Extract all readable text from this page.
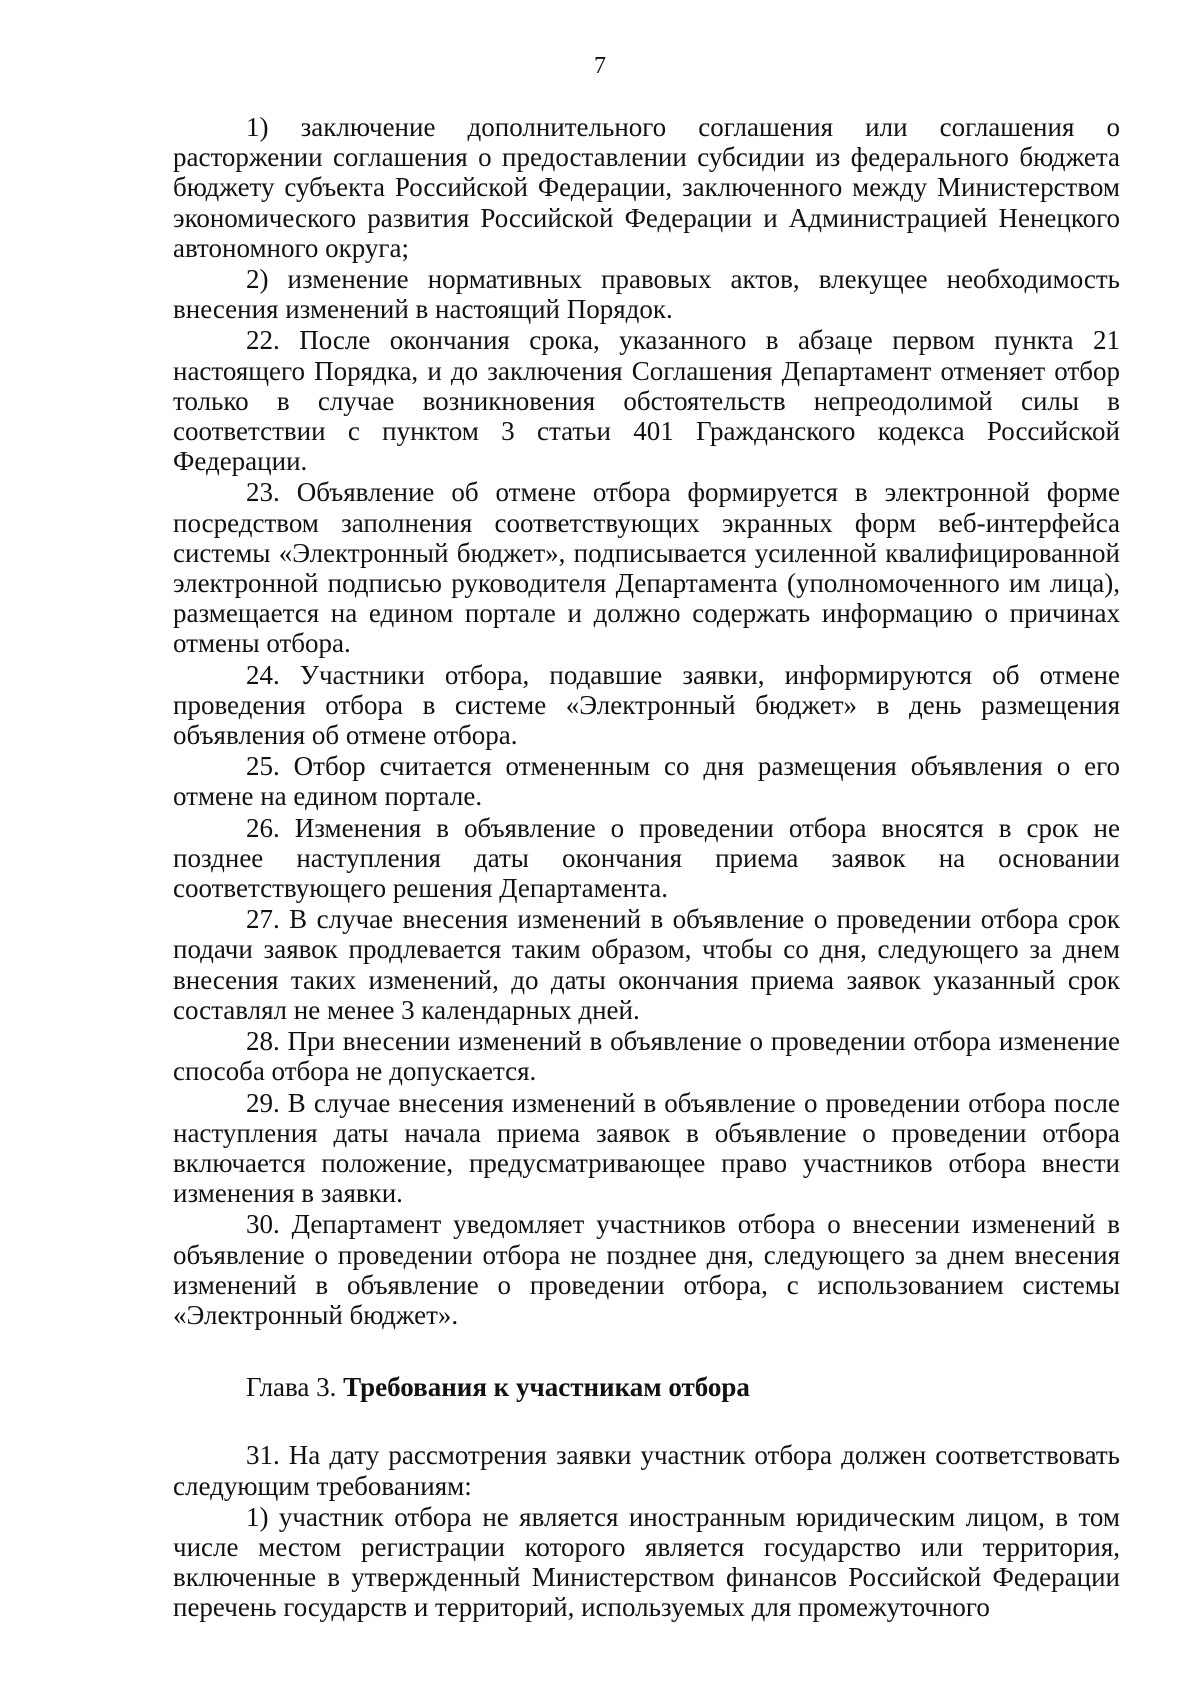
7

1) заключение дополнительного соглашения или соглашения о расторжении соглашения о предоставлении субсидии из федерального бюджета бюджету субъекта Российской Федерации, заключенного между Министерством экономического развития Российской Федерации и Администрацией Ненецкого автономного округа;

2) изменение нормативных правовых актов, влекущее необходимость внесения изменений в настоящий Порядок.

22. После окончания срока, указанного в абзаце первом пункта 21 настоящего Порядка, и до заключения Соглашения Департамент отменяет отбор только в случае возникновения обстоятельств непреодолимой силы в соответствии с пунктом 3 статьи 401 Гражданского кодекса Российской Федерации.

23. Объявление об отмене отбора формируется в электронной форме посредством заполнения соответствующих экранных форм веб-интерфейса системы «Электронный бюджет», подписывается усиленной квалифицированной электронной подписью руководителя Департамента (уполномоченного им лица), размещается на едином портале и должно содержать информацию о причинах отмены отбора.

24. Участники отбора, подавшие заявки, информируются об отмене проведения отбора в системе «Электронный бюджет» в день размещения объявления об отмене отбора.

25. Отбор считается отмененным со дня размещения объявления о его отмене на едином портале.

26. Изменения в объявление о проведении отбора вносятся в срок не позднее наступления даты окончания приема заявок на основании соответствующего решения Департамента.

27. В случае внесения изменений в объявление о проведении отбора срок подачи заявок продлевается таким образом, чтобы со дня, следующего за днем внесения таких изменений, до даты окончания приема заявок указанный срок составлял не менее 3 календарных дней.

28. При внесении изменений в объявление о проведении отбора изменение способа отбора не допускается.

29. В случае внесения изменений в объявление о проведении отбора после наступления даты начала приема заявок в объявление о проведении отбора включается положение, предусматривающее право участников отбора внести изменения в заявки.

30. Департамент уведомляет участников отбора о внесении изменений в объявление о проведении отбора не позднее дня, следующего за днем внесения изменений в объявление о проведении отбора, с использованием системы «Электронный бюджет».

Глава 3. Требования к участникам отбора

31. На дату рассмотрения заявки участник отбора должен соответствовать следующим требованиям:

1) участник отбора не является иностранным юридическим лицом, в том числе местом регистрации которого является государство или территория, включенные в утвержденный Министерством финансов Российской Федерации перечень государств и территорий, используемых для промежуточного
